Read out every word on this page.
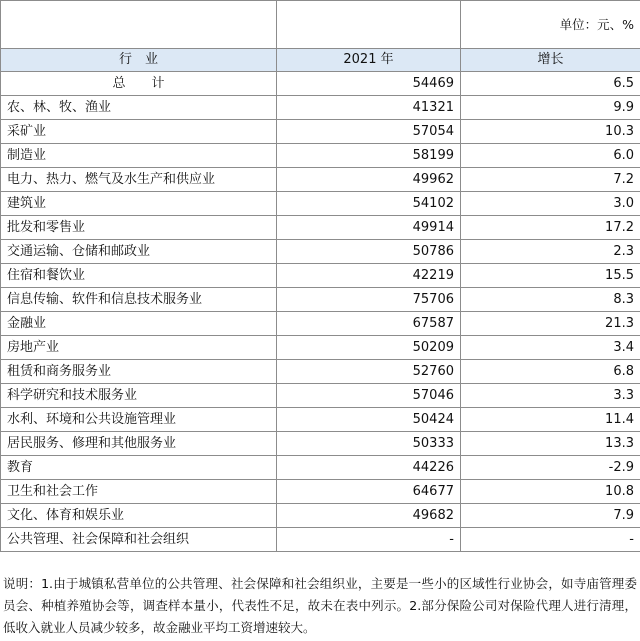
		单位：元、%
行　业	2021 年	增长
总　　计	54469	6.5
农、林、牧、渔业	41321	9.9
采矿业	57054	10.3
制造业	58199	6.0
电力、热力、燃气及水生产和供应业	49962	7.2
建筑业	54102	3.0
批发和零售业	49914	17.2
交通运输、仓储和邮政业	50786	2.3
住宿和餐饮业	42219	15.5
信息传输、软件和信息技术服务业	75706	8.3
金融业	67587	21.3
房地产业	50209	3.4
租赁和商务服务业	52760	6.8
科学研究和技术服务业	57046	3.3
水利、环境和公共设施管理业	50424	11.4
居民服务、修理和其他服务业	50333	13.3
教育	44226	-2.9
卫生和社会工作	64677	10.8
文化、体育和娱乐业	49682	7.9
公共管理、社会保障和社会组织	-	-
说明：1.由于城镇私营单位的公共管理、社会保障和社会组织业，主要是一些小的区域性行业协会，如寺庙管理委员会、种植养殖协会等，调查样本量小，代表性不足，故未在表中列示。2.部分保险公司对保险代理人进行清理，低收入就业人员减少较多，故金融业平均工资增速较大。
